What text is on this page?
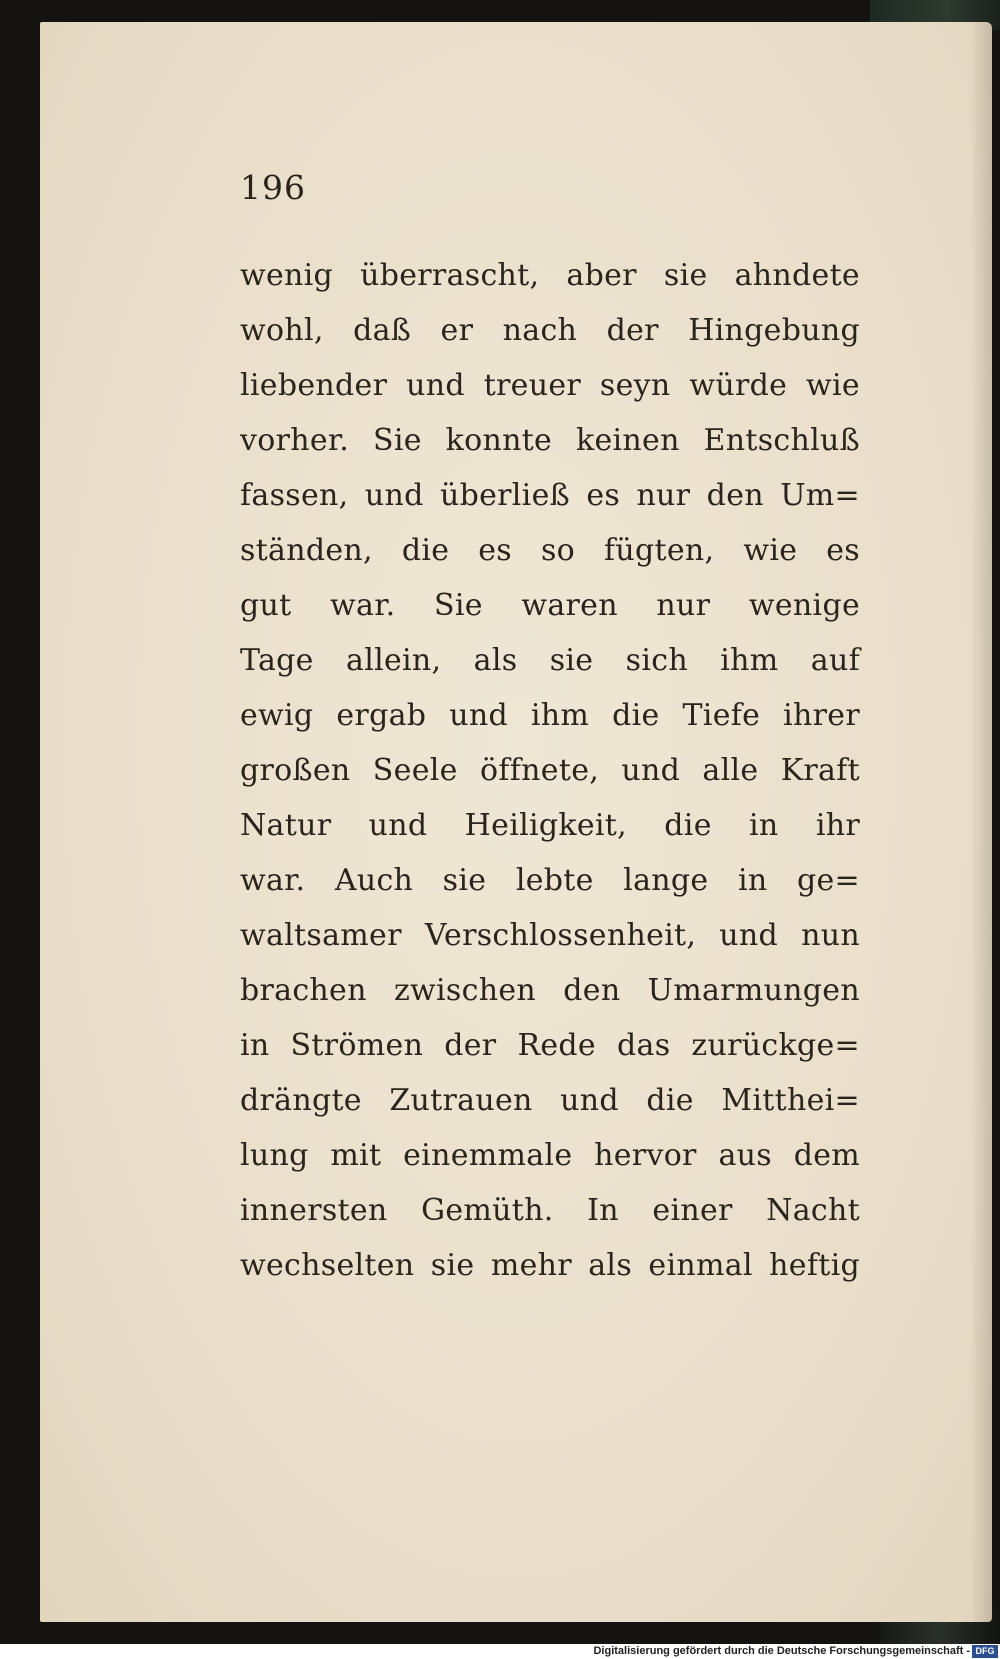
196
wenig überrascht, aber sie ahndete
wohl, daß er nach der Hingebung
liebender und treuer seyn würde wie
vorher. Sie konnte keinen Entschluß
fassen, und überließ es nur den Um=
ständen, die es so fügten, wie es
gut war. Sie waren nur wenige
Tage allein, als sie sich ihm auf
ewig ergab und ihm die Tiefe ihrer
großen Seele öffnete, und alle Kraft
Natur und Heiligkeit, die in ihr
war. Auch sie lebte lange in ge=
waltsamer Verschlossenheit, und nun
brachen zwischen den Umarmungen
in Strömen der Rede das zurückge=
drängte Zutrauen und die Mitthei=
lung mit einemmale hervor aus dem
innersten Gemüth. In einer Nacht
wechselten sie mehr als einmal heftig
Digitalisierung gefördert durch die Deutsche Forschungsgemeinschaft - DFG
